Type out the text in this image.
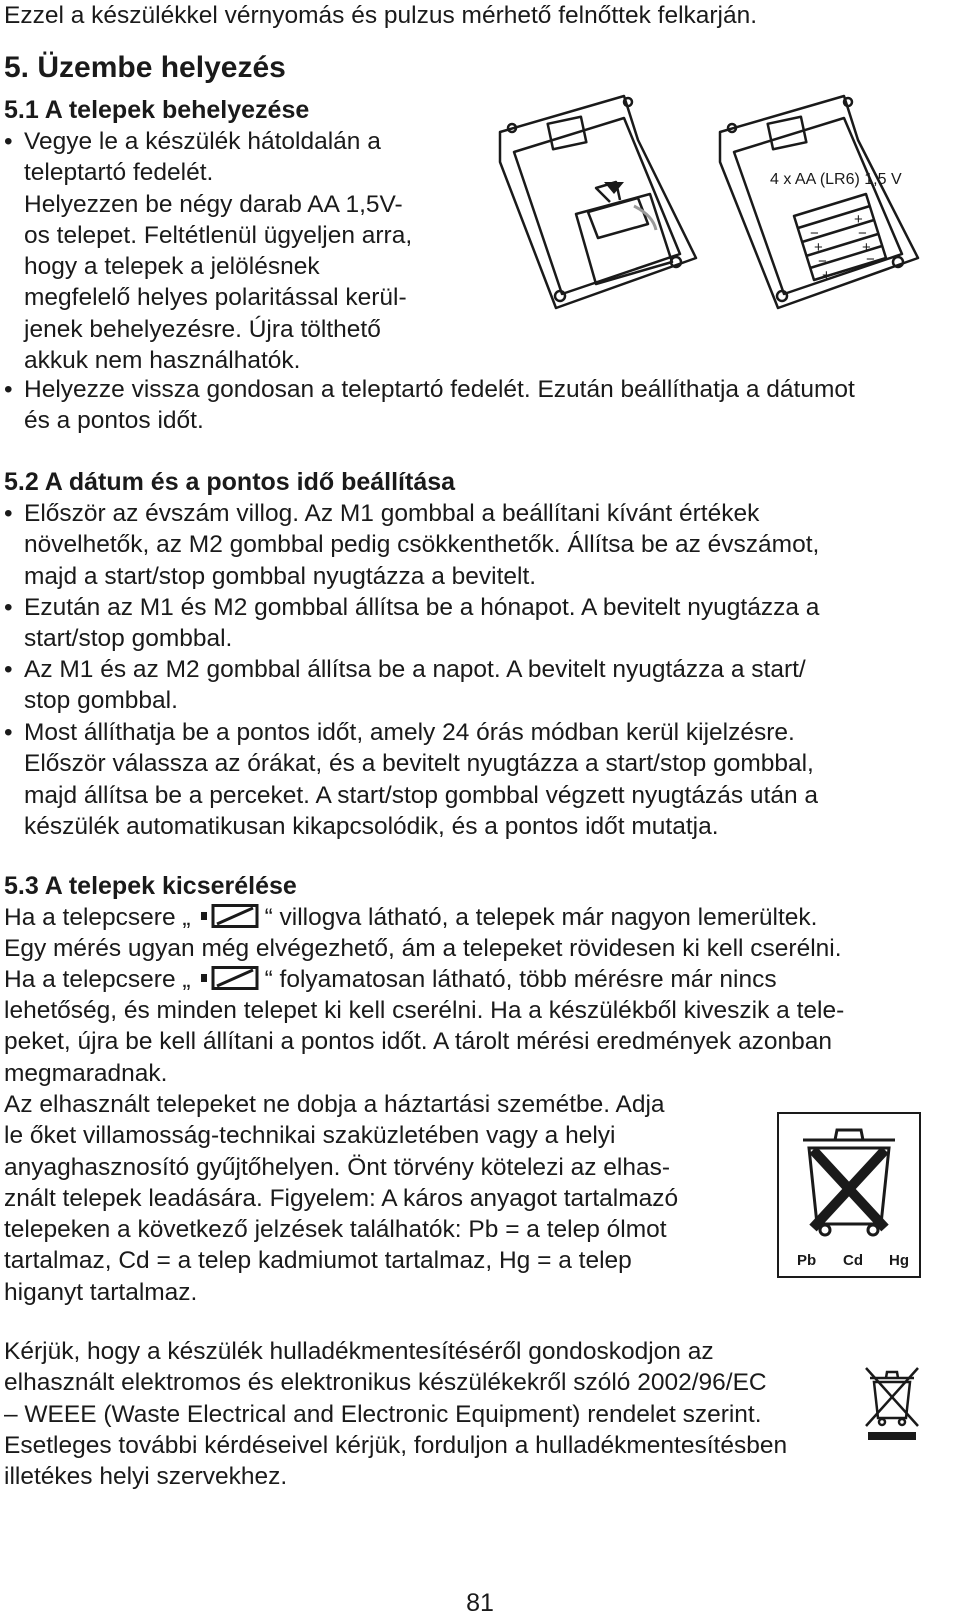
Ezzel a készülékkel vérnyomás és pulzus mérhető felnőttek felkarján.

5. Üzembe helyezés
5.1 A telepek behelyezése
• Vegye le a készülék hátoldalán a
teleptartó fedelét.
Helyezzen be négy darab AA 1,5V-
os telepet. Feltétlenül ügyeljen arra,
hogy a telepek a jelölésnek
megfelelő helyes polaritással kerül-
jenek behelyezésre. Újra tölthető
akkuk nem használhatók.
• Helyezze vissza gondosan a teleptartó fedelét. Ezután beállíthatja a dátumot
és a pontos időt.
−
+
+
−
−
+
+
−
4 x AA (LR6) 1,5 V
5.2 A dátum és a pontos idő beállítása
• Először az évszám villog. Az M1 gombbal a beállítani kívánt értékek
növelhetők, az M2 gombbal pedig csökkenthetők. Állítsa be az évszámot,
majd a start/stop gombbal nyugtázza a bevitelt.
• Ezután az M1 és M2 gombbal állítsa be a hónapot. A bevitelt nyugtázza a
start/stop gombbal.
• Az M1 és az M2 gombbal állítsa be a napot. A bevitelt nyugtázza a start/
stop gombbal.
• Most állíthatja be a pontos időt, amely 24 órás módban kerül kijelzésre.
Először válassza az órákat, és a bevitelt nyugtázza a start/stop gombbal,
majd állítsa be a perceket. A start/stop gombbal végzett nyugtázás után a
készülék automatikusan kikapcsolódik, és a pontos időt mutatja.
5.3 A telepek kicserélése
Ha a telepcsere „	“ villogva látható, a telepek már nagyon lemerültek.

Egy mérés ugyan még elvégezhető, ám a telepeket rövidesen ki kell cserélni.

Ha a telepcsere „	“ folyamatosan látható, több mérésre már nincs
lehetőség, és minden telepet ki kell cserélni. Ha a készülékből kiveszik a tele-
peket, újra be kell állítani a pontos időt. A tárolt mérési eredmények azonban
megmaradnak.
Az elhasznált telepeket ne dobja a háztartási szemétbe. Adja
le őket villamosság-technikai szaküzletében vagy a helyi
anyaghasznosító gyűjtőhelyen. Önt törvény kötelezi az elhas-
znált telepek leadására. Figyelem: A káros anyagot tartalmazó
telepeken a következő jelzések találhatók: Pb = a telep ólmot
tartalmaz, Cd = a telep kadmiumot tartalmaz, Hg = a telep
higanyt tartalmaz.
Pb Cd Hg
Kérjük, hogy a készülék hulladékmentesítéséről gondoskodjon az
elhasznált elektromos és elektronikus készülékekről szóló 2002/96/EC
– WEEE (Waste Electrical and Electronic Equipment) rendelet szerint.
Esetleges további kérdéseivel kérjük, forduljon a hulladékmentesítésben
illetékes helyi szervekhez.
81
